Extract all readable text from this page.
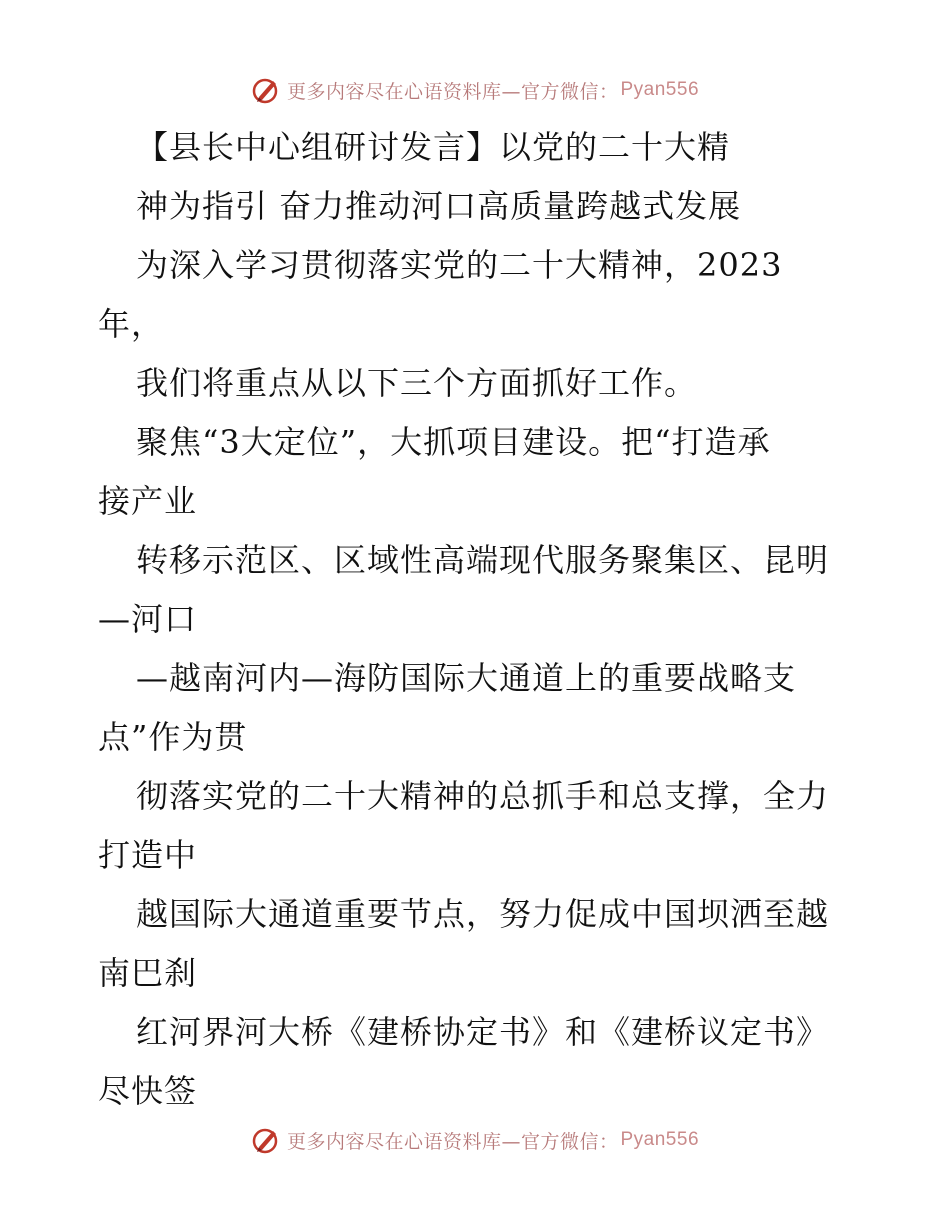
更多内容尽在心语资料库—官方微信： Pyan556
【县长中心组研讨发言】以党的二十大精
神为指引 奋力推动河口高质量跨越式发展
为深入学习贯彻落实党的二十大精神，2023
年，
我们将重点从以下三个方面抓好工作。
聚焦“3大定位”，大抓项目建设。把“打造承
接产业
转移示范区、区域性高端现代服务聚集区、昆明
—河口
—越南河内—海防国际大通道上的重要战略支
点”作为贯
彻落实党的二十大精神的总抓手和总支撑，全力
打造中
越国际大通道重要节点，努力促成中国坝洒至越
南巴刹
红河界河大桥《建桥协定书》和《建桥议定书》
尽快签
更多内容尽在心语资料库—官方微信： Pyan556
